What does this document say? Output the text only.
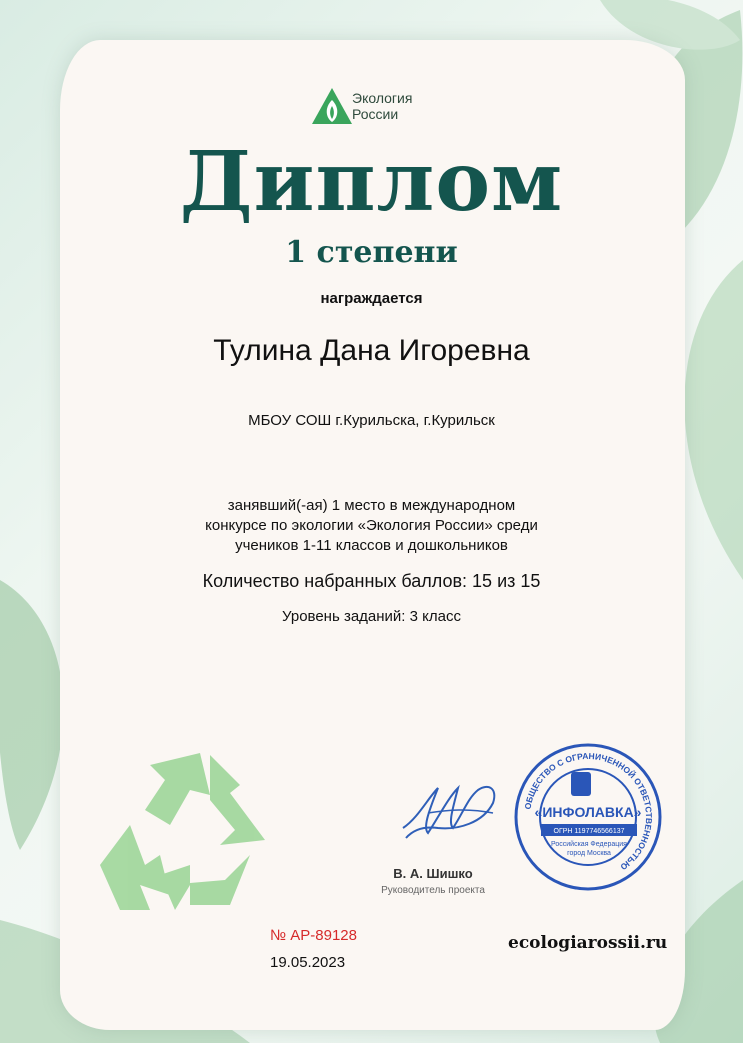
Экология
России
Диплом
1 степени
награждается
Тулина Дана Игоревна
МБОУ СОШ г.Курильска, г.Курильск
занявший(-ая) 1 место в международном
конкурсе по экологии «Экология России» среди
учеников 1-11 классов и дошкольников
Количество набранных баллов: 15 из 15
Уровень заданий: 3 класс
В. А. Шишко
Руководитель проекта
ОБЩЕСТВО С ОГРАНИЧЕННОЙ ОТВЕТСТВЕННОСТЬЮ
«ИНФОЛАВКА»
ОГРН 1197746566137
Российская Федерация
город Москва
№ АР-89128
19.05.2023
ecologiarossii.ru
